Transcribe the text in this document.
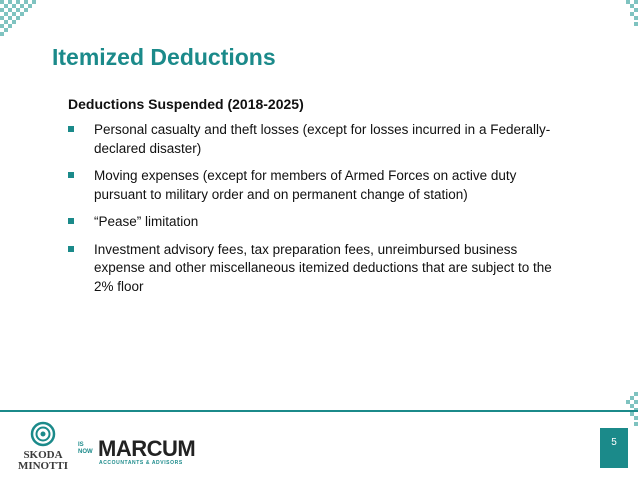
Itemized Deductions
Deductions Suspended (2018-2025)
Personal casualty and theft losses (except for losses incurred in a Federally-declared disaster)
Moving expenses (except for members of Armed Forces on active duty pursuant to military order and on permanent change of station)
“Pease” limitation
Investment advisory fees, tax preparation fees, unreimbursed business expense and other miscellaneous itemized deductions that are subject to the 2% floor
SKODA
MINOTTI
IS
NOW MARCUM
ACCOUNTANTS & ADVISORS
5
